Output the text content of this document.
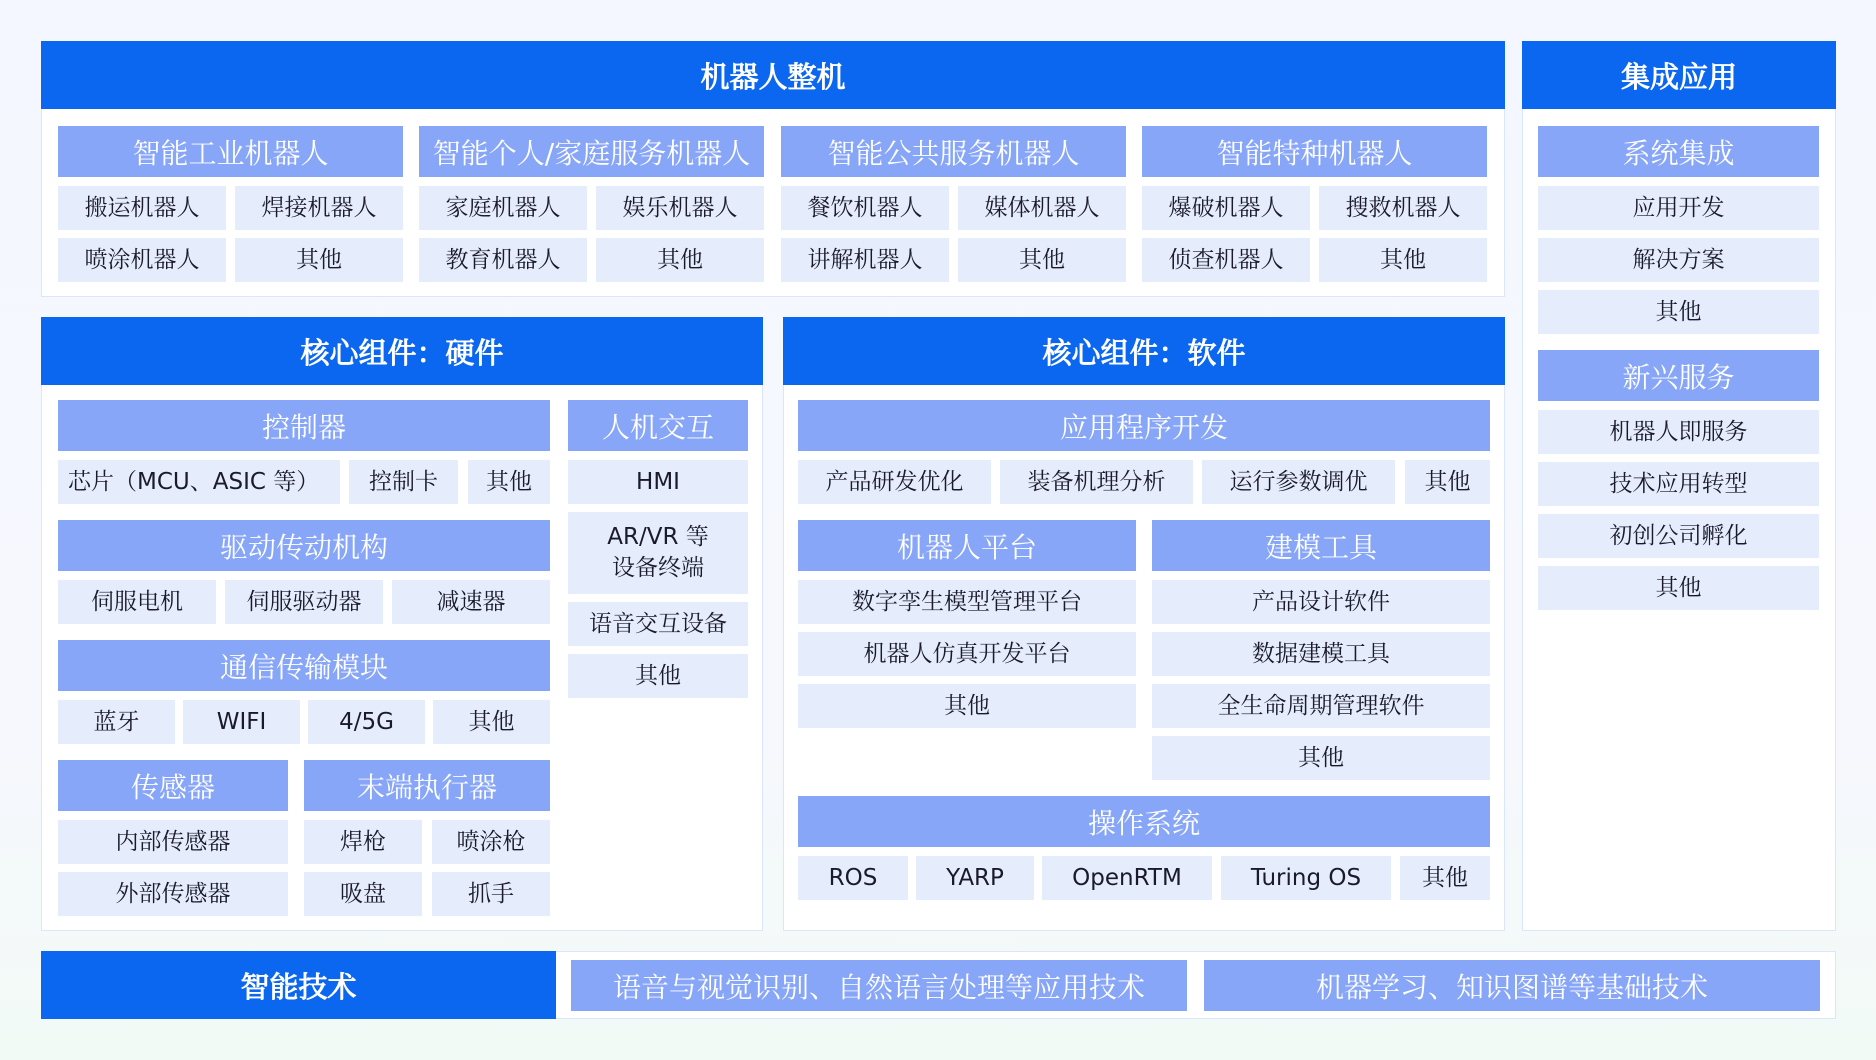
机器人整机
智能工业机器人
搬运机器人	焊接机器人
喷涂机器人	其他
智能个人/家庭服务机器人
家庭机器人	娱乐机器人
教育机器人	其他
智能公共服务机器人
餐饮机器人	媒体机器人
讲解机器人	其他
智能特种机器人
爆破机器人	搜救机器人
侦查机器人	其他
集成应用
系统集成
应用开发
解决方案
其他
新兴服务
机器人即服务
技术应用转型
初创公司孵化
其他
核心组件：硬件
控制器
芯片（MCU、ASIC 等）	控制卡	其他
人机交互
HMI
AR/VR 等
设备终端
语音交互设备
其他
驱动传动机构
伺服电机	伺服驱动器	减速器
通信传输模块
蓝牙	WIFI	4/5G	其他
传感器
内部传感器
外部传感器
末端执行器
焊枪	喷涂枪
吸盘	抓手
核心组件：软件
应用程序开发
产品研发优化	装备机理分析	运行参数调优	其他
机器人平台
数字孪生模型管理平台
机器人仿真开发平台
其他
建模工具
产品设计软件
数据建模工具
全生命周期管理软件
其他
操作系统
ROS	YARP	OpenRTM	Turing OS	其他
智能技术	语音与视觉识别、自然语言处理等应用技术	机器学习、知识图谱等基础技术
